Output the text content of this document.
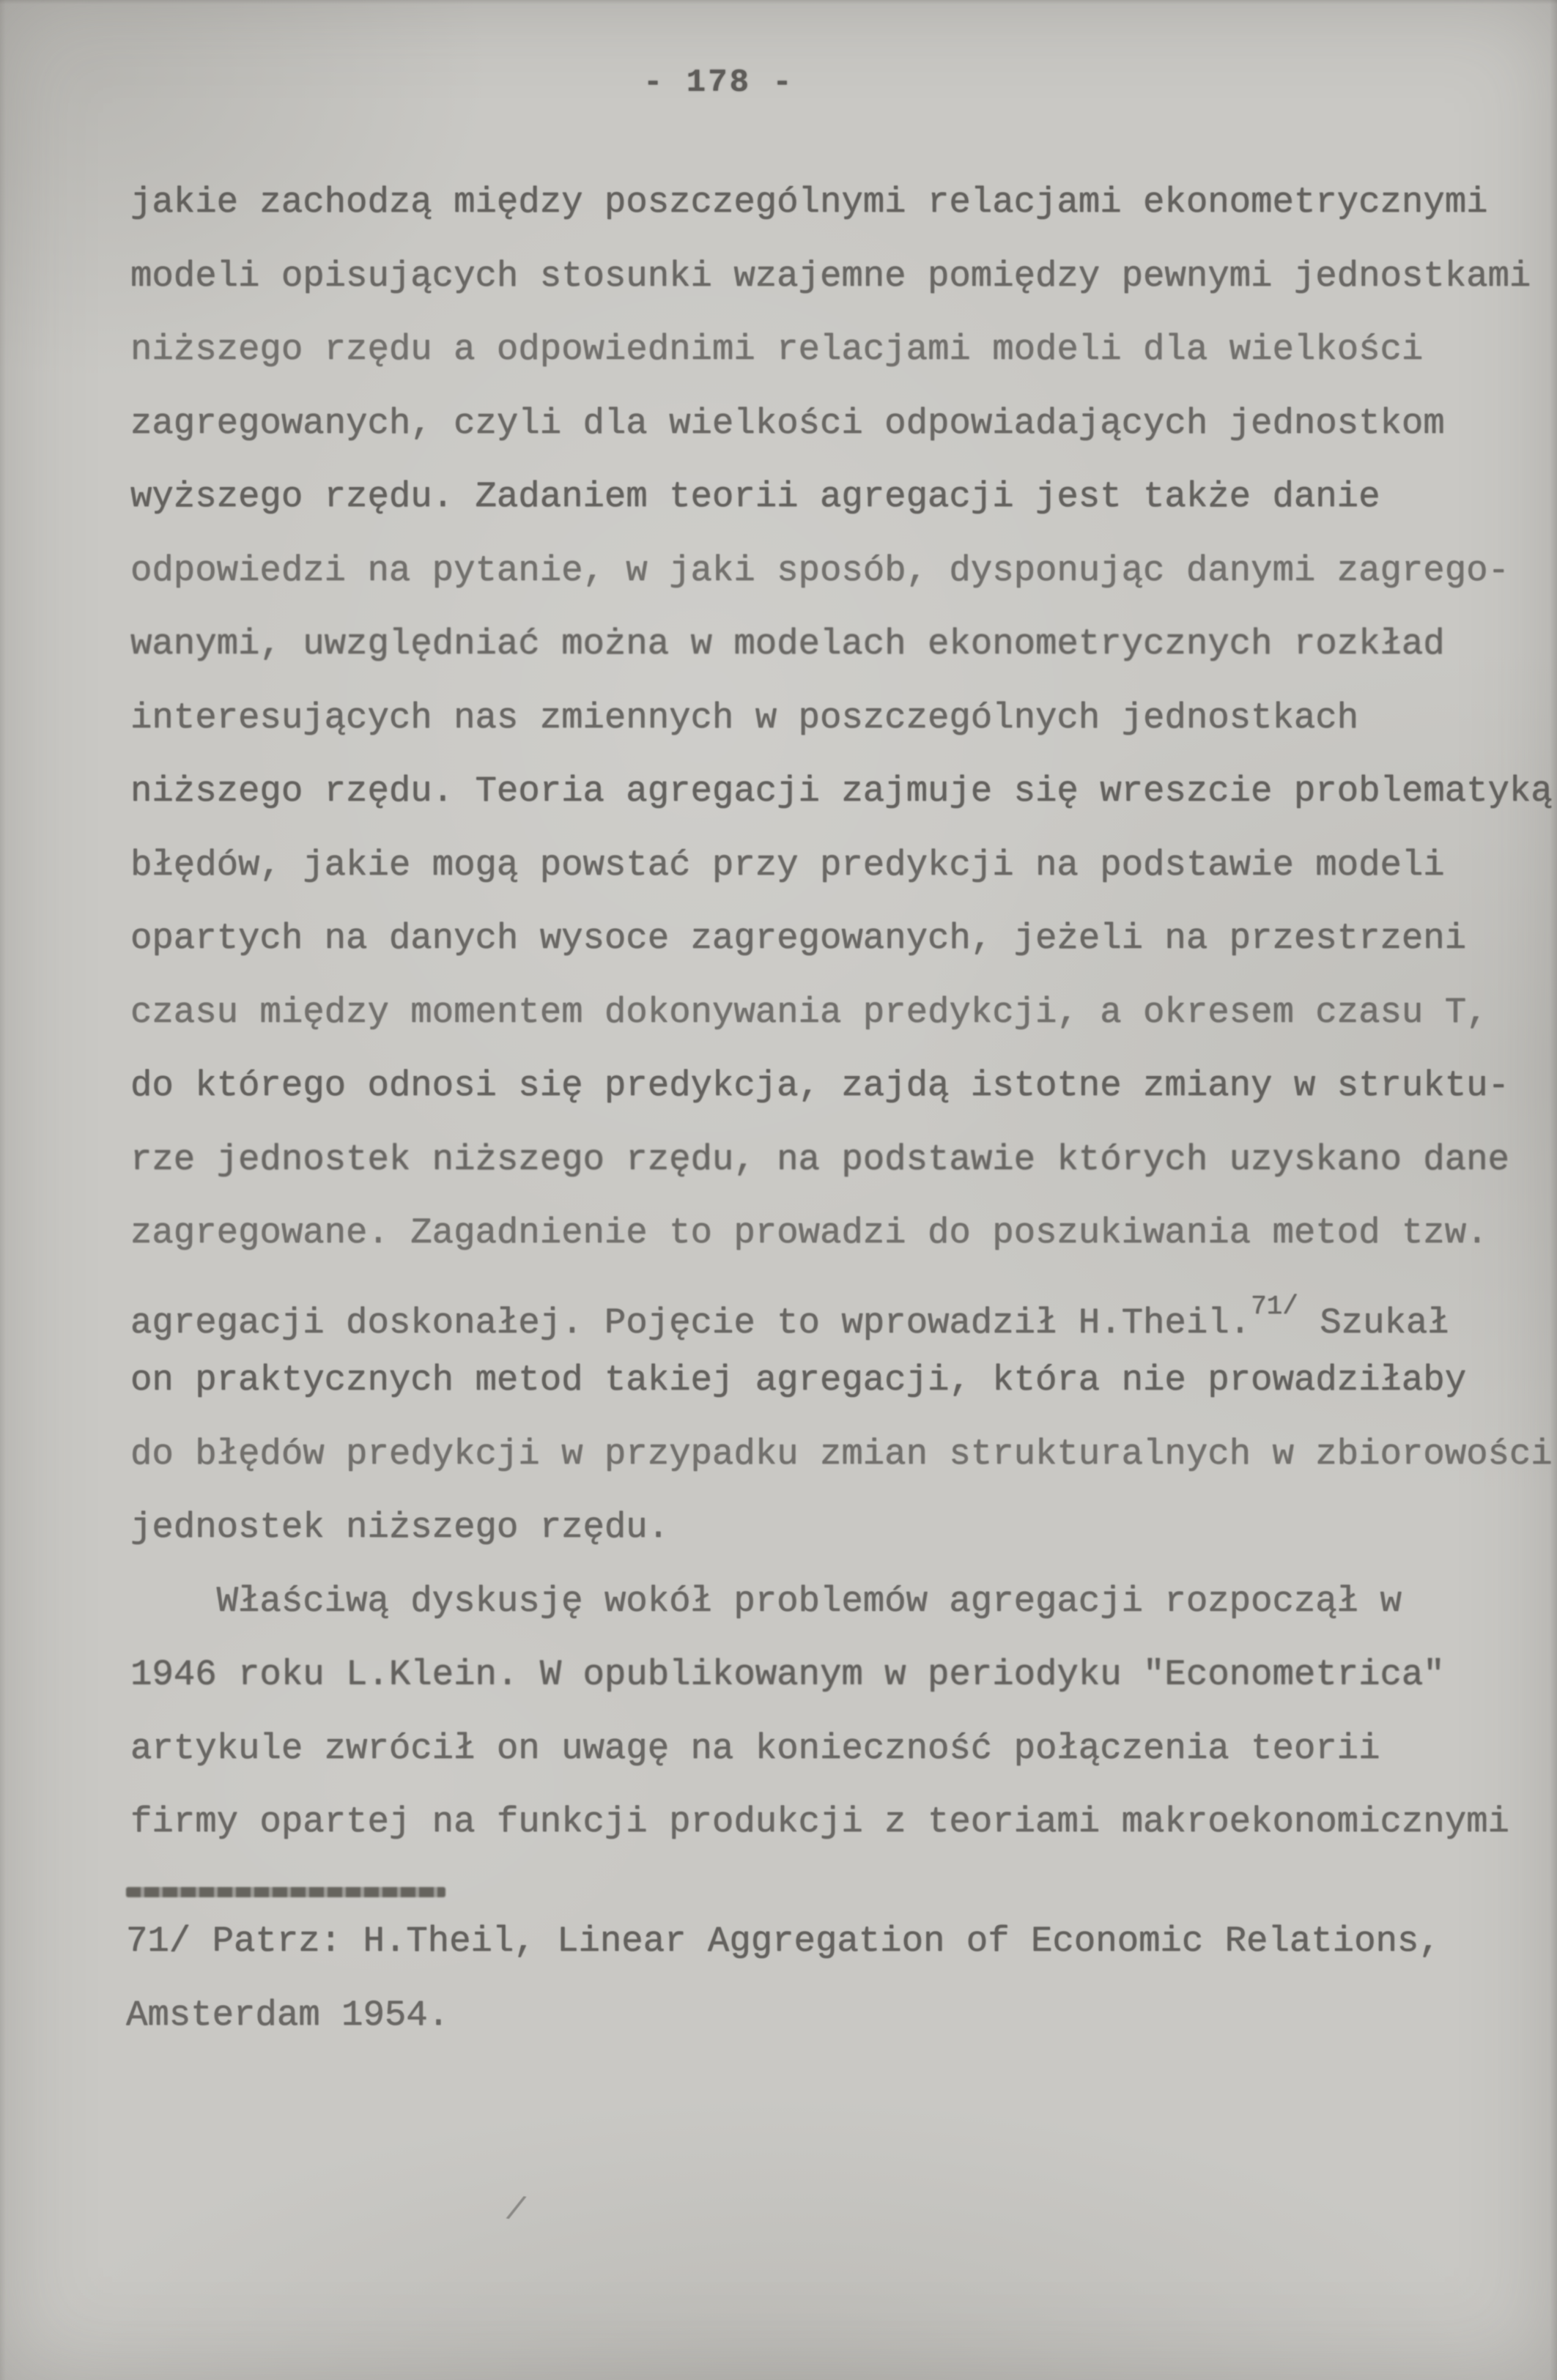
- 178 -
jakie zachodzą między poszczególnymi relacjami ekonometrycznymi
modeli opisujących stosunki wzajemne pomiędzy pewnymi jednostkami
niższego rzędu a odpowiednimi relacjami modeli dla wielkości
zagregowanych, czyli dla wielkości odpowiadających jednostkom
wyższego rzędu. Zadaniem teorii agregacji jest także danie
odpowiedzi na pytanie, w jaki sposób, dysponując danymi zagrego-
wanymi, uwzględniać można w modelach ekonometrycznych rozkład
interesujących nas zmiennych w poszczególnych jednostkach
niższego rzędu. Teoria agregacji zajmuje się wreszcie problematyką
błędów, jakie mogą powstać przy predykcji na podstawie modeli
opartych na danych wysoce zagregowanych, jeżeli na przestrzeni
czasu między momentem dokonywania predykcji, a okresem czasu T,
do którego odnosi się predykcja, zajdą istotne zmiany w struktu-
rze jednostek niższego rzędu, na podstawie których uzyskano dane
zagregowane. Zagadnienie to prowadzi do poszukiwania metod tzw.
agregacji doskonałej. Pojęcie to wprowadził H.Theil.$^{71/}$ Szukał
on praktycznych metod takiej agregacji, która nie prowadziłaby
do błędów predykcji w przypadku zmian strukturalnych w zbiorowości
jednostek niższego rzędu.
Właściwą dyskusję wokół problemów agregacji rozpoczął w
1946 roku L.Klein. W opublikowanym w periodyku "Econometrica"
artykule zwrócił on uwagę na konieczność połączenia teorii
firmy opartej na funkcji produkcji z teoriami makroekonomicznymi
71/ Patrz: H.Theil, Linear Aggregation of Economic Relations,
Amsterdam 1954.
/
